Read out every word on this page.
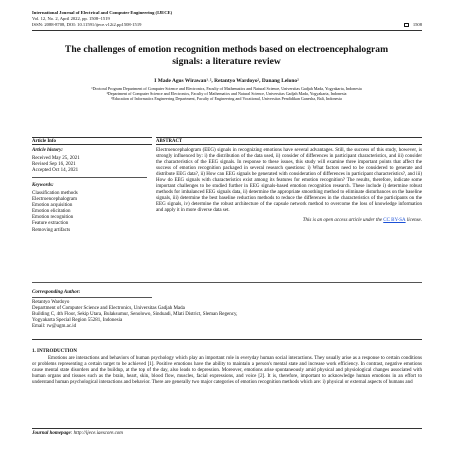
International Journal of Electrical and Computer Engineering (IJECE)
Vol. 12, No. 2, April 2022, pp. 1508~1519
ISSN: 2088-8708, DOI: 10.11591/ijece.v12i2.pp1508-1519	1508
The challenges of emotion recognition methods based on electroencephalogram signals: a literature review
I Made Agus Wirawan¹˒², Retantyo Wardoyo², Danang Lelono²
¹Doctoral Program Department of Computer Science and Electronics, Faculty of Mathematics and Natural Science, Universitas Gadjah Mada, Yogyakarta, Indonesia
²Department of Computer Science and Electronics, Faculty of Mathematics and Natural Science, Universitas Gadjah Mada, Yogyakarta, Indonesia
³Education of Informatics Engineering Department, Faculty of Engineering and Vocational, Universitas Pendidikan Ganesha, Bali, Indonesia
Article Info	ABSTRACT
Article history:
Received May 25, 2021
Revised Sep 16, 2021
Accepted Oct 14, 2021
Keywords:
Classification methods
Electroencephalogram
Emotion acquisition
Emotion elicitation
Emotion recognition
Feature extraction
Removing artifacts
Electroencephalogram (EEG) signals in recognizing emotions have several advantages. Still, the success of this study, however, is strongly influenced by: i) the distribution of the data used, ii) consider of differences in participant characteristics, and iii) consider the characteristics of the EEG signals. In response to these issues, this study will examine three important points that affect the success of emotion recognition packaged in several research questions: i) What factors need to be considered to generate and distribute EEG data?, ii) How can EEG signals be generated with consideration of differences in participant characteristics?, and iii) How do EEG signals with characteristics exist among its features for emotion recognition? The results, therefore, indicate some important challenges to be studied further in EEG signals-based emotion recognition research. These include i) determine robust methods for imbalanced EEG signals data, ii) determine the appropriate smoothing method to eliminate disturbances on the baseline signals, iii) determine the best baseline reduction methods to reduce the differences in the characteristics of the participants on the EEG signals, iv) determine the robust architecture of the capsule network method to overcome the loss of knowledge information and apply it in more diverse data set.
This is an open access article under the CC BY-SA license.
Corresponding Author:
Retantyo Wardoyo
Department of Computer Science and Electronics, Universitas Gadjah Mada
Building C, 4th Floor, Sekip Utara, Bulaksumur, Senolowo, Sinduadi, Mlati District, Sleman Regency,
Yogyakarta Special Region 55281, Indonesia
Email: rw@ugm.ac.id
1. INTRODUCTION

Emotions are interactions and behaviors of human psychology which play an important role in everyday human social interactions. They usually arise as a response to certain conditions or problems representing a certain target to be achieved [1]. Positive emotions have the ability to maintain a person's mental state and increase work efficiency. In contrast, negative emotions cause mental state disorders and the buildup, at the top of the day, also leads to depression. Moreover, emotions arise spontaneously amid physical and physiological changes associated with human organs and tissues such as the brain, heart, skin, blood flow, muscles, facial expressions, and voice [2]. It is, therefore, important to acknowledge human emotions in an effort to understand human psychological interactions and behavior. There are generally two major categories of emotion recognition methods which are: i) physical or external aspects of humans and

Journal homepage: http://ijece.iaescore.com
